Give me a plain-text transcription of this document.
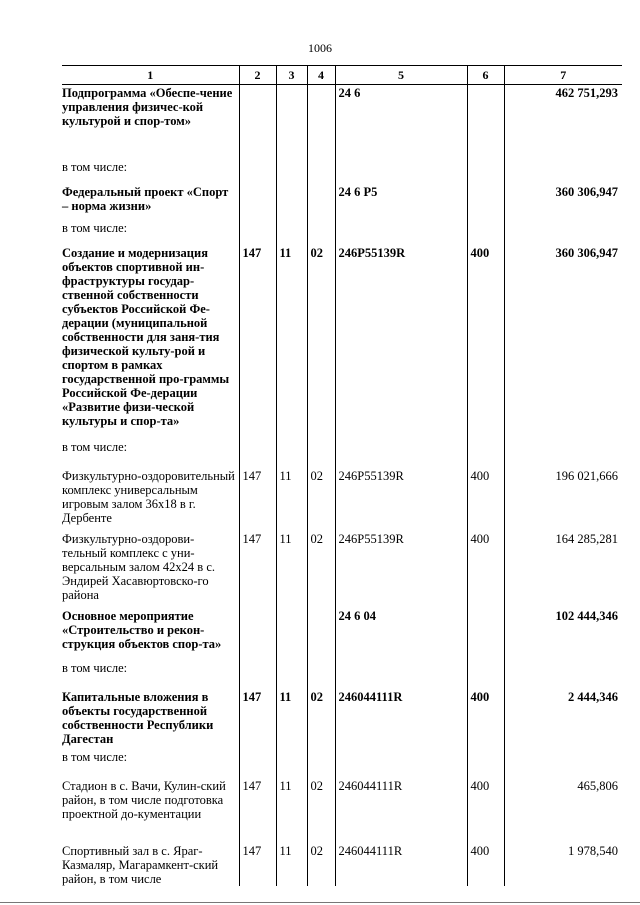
1006
1	2	3	4	5	6	7
Подпрограмма «Обеспе-чение управления физичес-кой культурой и спор-том»				24 6		462 751,293
в том числе:						
Федеральный проект «Спорт – норма жизни»				24 6 P5		360 306,947
в том числе:						
Создание и модернизация объектов спортивной ин-фраструктуры государ-ственной собственности субъектов Российской Фе-дерации (муниципальной собственности для заня-тия физической культу-рой и спортом в рамках государственной про-граммы Российской Фе-дерации «Развитие физи-ческой культуры и спор-та»	147	11	02	246P55139R	400	360 306,947
в том числе:						
Физкультурно-оздоровительный комплекс универсальным игровым залом 36х18 в г. Дербенте	147	11	02	246P55139R	400	196 021,666
Физкультурно-оздорови-тельный комплекс с уни-версальным залом 42х24 в с. Эндирей Хасавюртовско-го района	147	11	02	246P55139R	400	164 285,281
Основное мероприятие «Строительство и рекон-струкция объектов спор-та»				24 6 04		102 444,346
в том числе:						
Капитальные вложения в объекты государственной собственности Республики Дагестан	147	11	02	246044111R	400	2 444,346
в том числе:						
Стадион в с. Вачи, Кулин-ский район, в том числе подготовка проектной до-кументации	147	11	02	246044111R	400	465,806
Спортивный зал в с. Яраг-Казмаляр, Магарамкент-ский район, в том числе	147	11	02	246044111R	400	1 978,540
